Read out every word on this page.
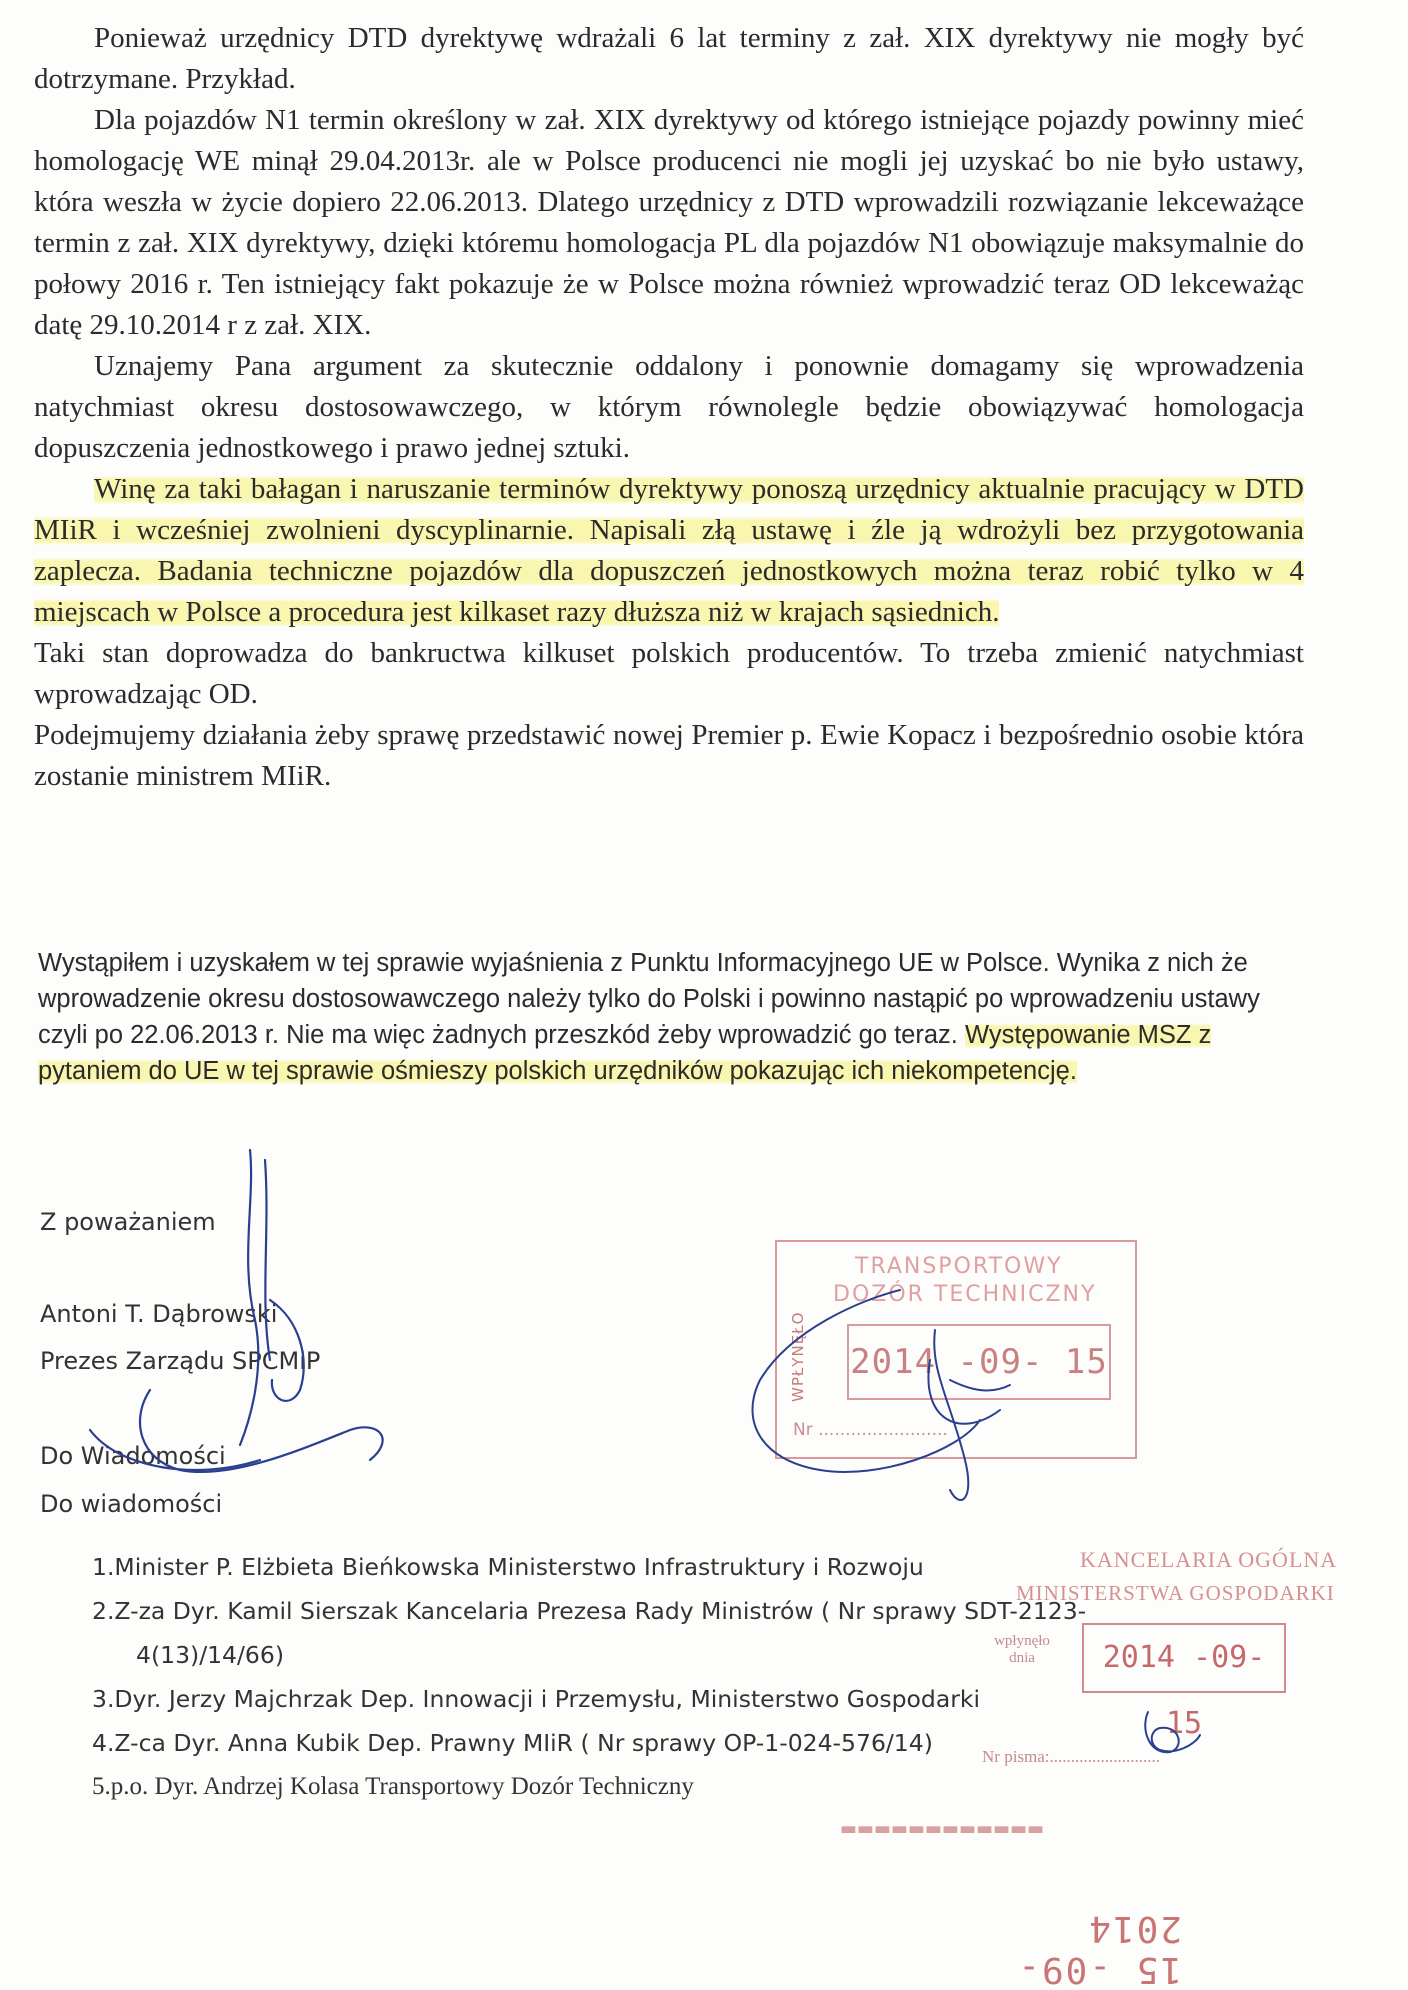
Ponieważ urzędnicy DTD dyrektywę wdrażali 6 lat terminy z zał. XIX dyrektywy nie mogły być dotrzymane. Przykład.

Dla pojazdów N1 termin określony w zał. XIX dyrektywy od którego istniejące pojazdy powinny mieć homologację WE minął 29.04.2013r. ale w Polsce producenci nie mogli jej uzyskać bo nie było ustawy, która weszła w życie dopiero 22.06.2013. Dlatego urzędnicy z DTD wprowadzili rozwiązanie lekceważące termin z zał. XIX dyrektywy, dzięki któremu homologacja PL dla pojazdów N1 obowiązuje maksymalnie do połowy 2016 r. Ten istniejący fakt pokazuje że w Polsce można również wprowadzić teraz OD lekceważąc datę 29.10.2014 r z zał. XIX.

Uznajemy Pana argument za skutecznie oddalony i ponownie domagamy się wprowadzenia natychmiast okresu dostosowawczego, w którym równolegle będzie obowiązywać homologacja dopuszczenia jednostkowego i prawo jednej sztuki.

Winę za taki bałagan i naruszanie terminów dyrektywy ponoszą urzędnicy aktualnie pracujący w DTD MIiR i wcześniej zwolnieni dyscyplinarnie. Napisali złą ustawę i źle ją wdrożyli bez przygotowania zaplecza. Badania techniczne pojazdów dla dopuszczeń jednostkowych można teraz robić tylko w 4 miejscach w Polsce a procedura jest kilkaset razy dłuższa niż w krajach sąsiednich.

Taki stan doprowadza do bankructwa kilkuset polskich producentów. To trzeba zmienić natychmiast wprowadzając OD.

Podejmujemy działania żeby sprawę przedstawić nowej Premier p. Ewie Kopacz i bezpośrednio osobie która zostanie ministrem MIiR.

Wystąpiłem i uzyskałem w tej sprawie wyjaśnienia z Punktu Informacyjnego UE w Polsce. Wynika z nich że wprowadzenie okresu dostosowawczego należy tylko do Polski i powinno nastąpić po wprowadzeniu ustawy czyli po 22.06.2013 r. Nie ma więc żadnych przeszkód żeby wprowadzić go teraz. Występowanie MSZ z pytaniem do UE w tej sprawie ośmieszy polskich urzędników pokazując ich niekompetencję.

Z poważaniem
Antoni T. Dąbrowski
Prezes Zarządu SPCMiP
Do Wiadomości
Do wiadomości
1.Minister P. Elżbieta Bieńkowska Ministerstwo Infrastruktury i Rozwoju
2.Z-za Dyr. Kamil Sierszak Kancelaria Prezesa Rady Ministrów ( Nr sprawy SDT-2123-
4(13)/14/66)
3.Dyr. Jerzy Majchrzak Dep. Innowacji i Przemysłu, Ministerstwo Gospodarki
4.Z-ca Dyr. Anna Kubik Dep. Prawny MIiR ( Nr sprawy OP-1-024-576/14)
5.p.o. Dyr. Andrzej Kolasa Transportowy Dozór Techniczny
TRANSPORTOWY
DOZÓR TECHNICZNY
WPŁYNĘŁO 2014 -09- 15
Nr ........................
KANCELARIA OGÓLNA
MINISTERSTWA GOSPODARKI
wpłynęło dnia	2014 -09- 15
Nr pisma:..........................
▬▬▬▬▬▬▬▬▬▬▬▬
15 -09- 2014
